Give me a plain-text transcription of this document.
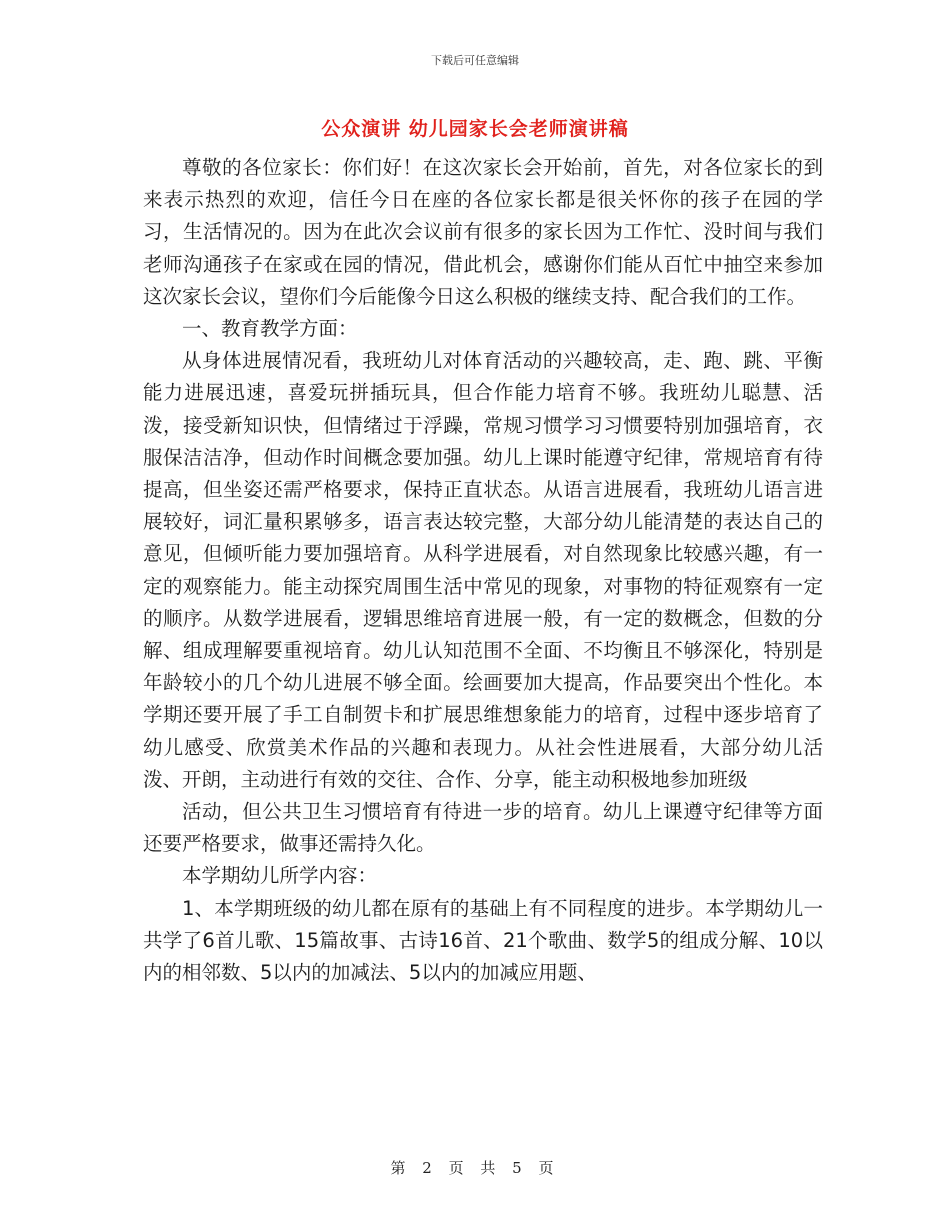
下载后可任意编辑
公众演讲 幼儿园家长会老师演讲稿

尊敬的各位家长：你们好！在这次家长会开始前，首先，对各位家长的到来表示热烈的欢迎，信任今日在座的各位家长都是很关怀你的孩子在园的学习，生活情况的。因为在此次会议前有很多的家长因为工作忙、没时间与我们老师沟通孩子在家或在园的情况，借此机会，感谢你们能从百忙中抽空来参加这次家长会议，望你们今后能像今日这么积极的继续支持、配合我们的工作。

一、教育教学方面：

从身体进展情况看，我班幼儿对体育活动的兴趣较高，走、跑、跳、平衡能力进展迅速，喜爱玩拼插玩具，但合作能力培育不够。我班幼儿聪慧、活泼，接受新知识快，但情绪过于浮躁，常规习惯学习习惯要特别加强培育，衣服保洁洁净，但动作时间概念要加强。幼儿上课时能遵守纪律，常规培育有待提高，但坐姿还需严格要求，保持正直状态。从语言进展看，我班幼儿语言进展较好，词汇量积累够多，语言表达较完整，大部分幼儿能清楚的表达自己的意见，但倾听能力要加强培育。从科学进展看，对自然现象比较感兴趣，有一定的观察能力。能主动探究周围生活中常见的现象，对事物的特征观察有一定的顺序。从数学进展看，逻辑思维培育进展一般，有一定的数概念，但数的分解、组成理解要重视培育。幼儿认知范围不全面、不均衡且不够深化，特别是年龄较小的几个幼儿进展不够全面。绘画要加大提高，作品要突出个性化。本学期还要开展了手工自制贺卡和扩展思维想象能力的培育，过程中逐步培育了幼儿感受、欣赏美术作品的兴趣和表现力。从社会性进展看，大部分幼儿活泼、开朗，主动进行有效的交往、合作、分享，能主动积极地参加班级

活动，但公共卫生习惯培育有待进一步的培育。幼儿上课遵守纪律等方面还要严格要求，做事还需持久化。

本学期幼儿所学内容：

1、本学期班级的幼儿都在原有的基础上有不同程度的进步。本学期幼儿一共学了6首儿歌、15篇故事、古诗16首、21个歌曲、数学5的组成分解、10以内的相邻数、5以内的加减法、5以内的加减应用题、

第 2 页 共 5 页
